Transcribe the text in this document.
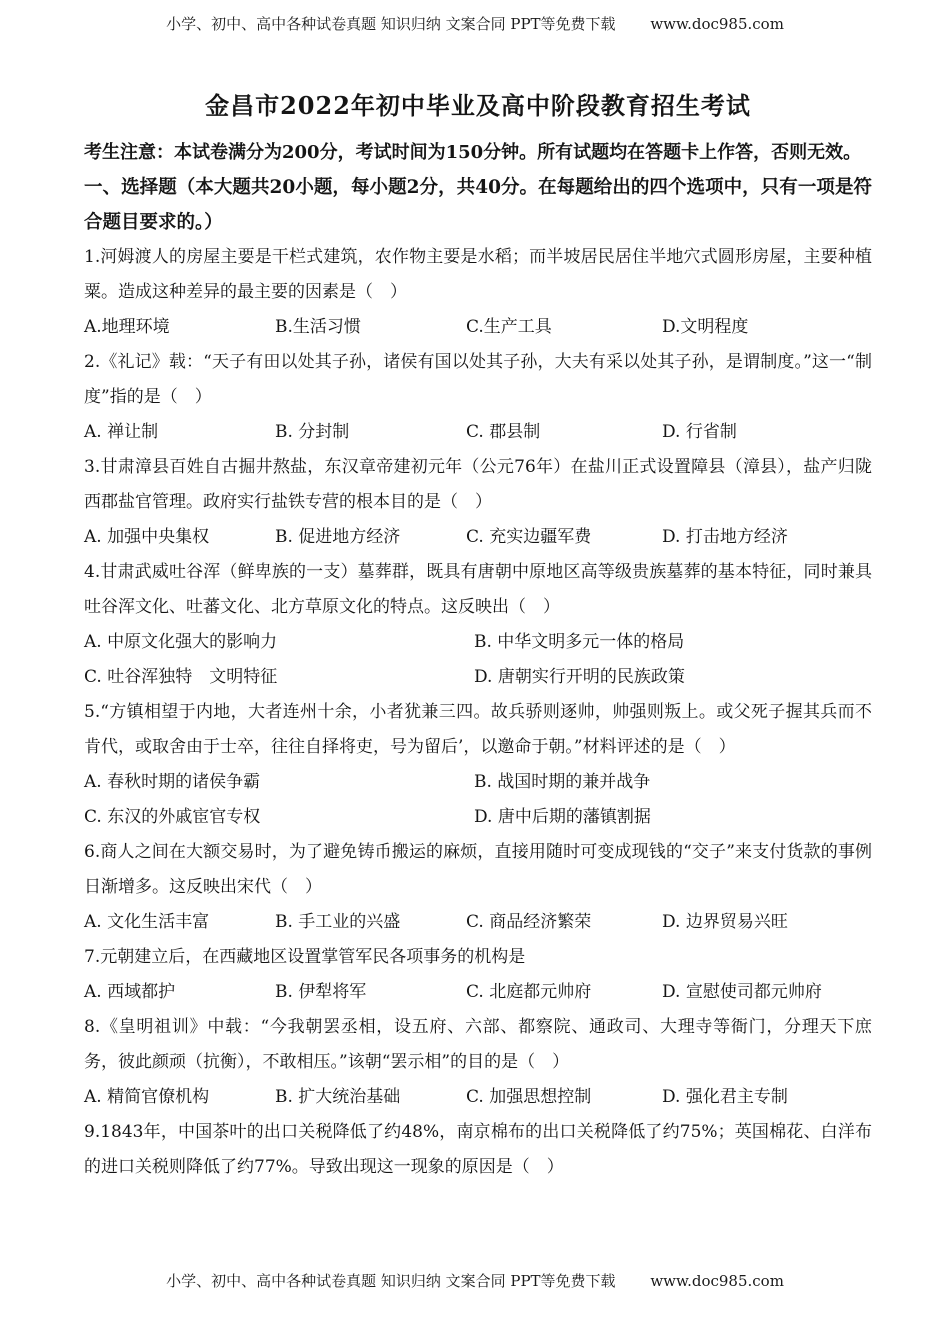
小学、初中、高中各种试卷真题 知识归纳 文案合同 PPT等免费下载 www.doc985.com
金昌市2022年初中毕业及高中阶段教育招生考试

考生注意：本试卷满分为200分，考试时间为150分钟。所有试题均在答题卡上作答，否则无效。

一、选择题（本大题共20小题，每小题2分，共40分。在每题给出的四个选项中，只有一项是符合题目要求的。）

1.河姆渡人的房屋主要是干栏式建筑，农作物主要是水稻；而半坡居民居住半地穴式圆形房屋，主要种植粟。造成这种差异的最主要的因素是（　）

A.地理环境	B.生活习惯	C.生产工具	D.文明程度

2.《礼记》载：“天子有田以处其子孙，诸侯有国以处其子孙，大夫有采以处其子孙，是谓制度。”这一“制度”指的是（　）

A. 禅让制	B. 分封制	C. 郡县制	D. 行省制

3.甘肃漳县百姓自古掘井熬盐，东汉章帝建初元年（公元76年）在盐川正式设置障县（漳县），盐产归陇西郡盐官管理。政府实行盐铁专营的根本目的是（　）

A. 加强中央集权	B. 促进地方经济	C. 充实边疆军费	D. 打击地方经济

4.甘肃武威吐谷浑（鲜卑族的一支）墓葬群，既具有唐朝中原地区高等级贵族墓葬的基本特征，同时兼具吐谷浑文化、吐蕃文化、北方草原文化的特点。这反映出（　）

A. 中原文化强大的影响力	B. 中华文明多元一体的格局
C. 吐谷浑独特　文明特征	D. 唐朝实行开明的民族政策

5.“方镇相望于内地，大者连州十余，小者犹兼三四。故兵骄则逐帅，帅强则叛上。或父死子握其兵而不肯代，或取舍由于士卒，往往自择将吏，号为留后’，以邀命于朝。”材料评述的是（　）

A. 春秋时期的诸侯争霸	B. 战国时期的兼并战争
C. 东汉的外戚宦官专权	D. 唐中后期的藩镇割据

6.商人之间在大额交易时，为了避免铸币搬运的麻烦，直接用随时可变成现钱的“交子”来支付货款的事例日渐增多。这反映出宋代（　）

A. 文化生活丰富	B. 手工业的兴盛	C. 商品经济繁荣	D. 边界贸易兴旺

7.元朝建立后，在西藏地区设置掌管军民各项事务的机构是

A. 西域都护	B. 伊犁将军	C. 北庭都元帅府	D. 宣慰使司都元帅府

8.《皇明祖训》中载：“今我朝罢丞相，设五府、六部、都察院、通政司、大理寺等衙门，分理天下庶务，彼此颜顽（抗衡），不敢相压。”该朝“罢示相”的目的是（　）

A. 精简官僚机构	B. 扩大统治基础	C. 加强思想控制	D. 强化君主专制

9.1843年，中国茶叶的出口关税降低了约48%，南京棉布的出口关税降低了约75%；英国棉花、白洋布的进口关税则降低了约77%。导致出现这一现象的原因是（　）

小学、初中、高中各种试卷真题 知识归纳 文案合同 PPT等免费下载 www.doc985.com
